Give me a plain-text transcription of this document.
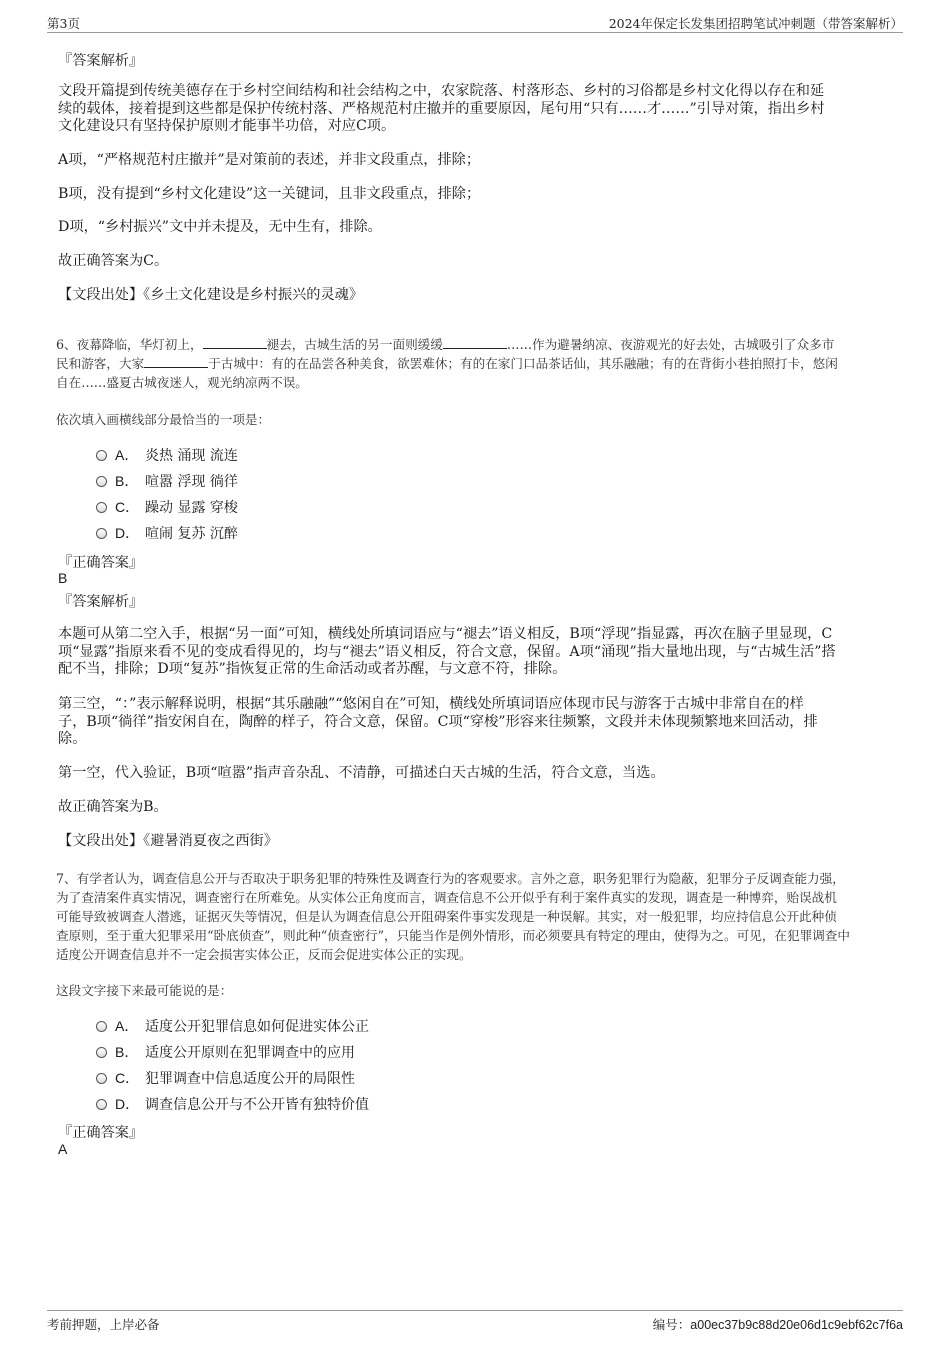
第3页	2024年保定长发集团招聘笔试冲刺题（带答案解析）
『答案解析』
文段开篇提到传统美德存在于乡村空间结构和社会结构之中，农家院落、村落形态、乡村的习俗都是乡村文化得以存在和延
续的载体，接着提到这些都是保护传统村落、严格规范村庄撤并的重要原因，尾句用“只有……才……”引导对策，指出乡村
文化建设只有坚持保护原则才能事半功倍，对应C项。
A项，“严格规范村庄撤并”是对策前的表述，并非文段重点，排除；
B项，没有提到“乡村文化建设”这一关键词，且非文段重点，排除；
D项，“乡村振兴”文中并未提及，无中生有，排除。
故正确答案为C。
【文段出处】《乡土文化建设是乡村振兴的灵魂》
6、夜幕降临，华灯初上，	褪去，古城生活的另一面则缓缓	……作为避暑纳凉、夜游观光的好去处，古城吸引了众多市
民和游客，大家	于古城中：有的在品尝各种美食，欲罢难休；有的在家门口品茶话仙，其乐融融；有的在背街小巷拍照打卡，悠闲
自在……盛夏古城夜迷人，观光纳凉两不误。
依次填入画横线部分最恰当的一项是：
A． 炎热 涌现 流连
B． 喧嚣 浮现 徜徉
C． 躁动 显露 穿梭
D． 喧闹 复苏 沉醉
『正确答案』
B
『答案解析』
本题可从第二空入手，根据“另一面”可知，横线处所填词语应与“褪去”语义相反，B项“浮现”指显露，再次在脑子里显现，C
项“显露”指原来看不见的变成看得见的，均与“褪去”语义相反，符合文意，保留。A项“涌现”指大量地出现，与“古城生活”搭
配不当，排除；D项“复苏”指恢复正常的生命活动或者苏醒，与文意不符，排除。
第三空，“：”表示解释说明，根据“其乐融融”“悠闲自在”可知，横线处所填词语应体现市民与游客于古城中非常自在的样
子，B项“徜徉”指安闲自在，陶醉的样子，符合文意，保留。C项“穿梭”形容来往频繁，文段并未体现频繁地来回活动，排
除。
第一空，代入验证，B项“喧嚣”指声音杂乱、不清静，可描述白天古城的生活，符合文意，当选。
故正确答案为B。
【文段出处】《避暑消夏夜之西街》
7、有学者认为，调查信息公开与否取决于职务犯罪的特殊性及调查行为的客观要求。言外之意，职务犯罪行为隐蔽，犯罪分子反调查能力强，
为了查清案件真实情况，调查密行在所难免。从实体公正角度而言，调查信息不公开似乎有利于案件真实的发现，调查是一种博弈，贻误战机
可能导致被调查人潜逃，证据灭失等情况，但是认为调查信息公开阻碍案件事实发现是一种误解。其实，对一般犯罪，均应持信息公开此种侦
查原则，至于重大犯罪采用“卧底侦查”，则此种“侦查密行”，只能当作是例外情形，而必须要具有特定的理由，使得为之。可见，在犯罪调查中
适度公开调查信息并不一定会损害实体公正，反而会促进实体公正的实现。
这段文字接下来最可能说的是：
A． 适度公开犯罪信息如何促进实体公正
B． 适度公开原则在犯罪调查中的应用
C． 犯罪调查中信息适度公开的局限性
D． 调查信息公开与不公开皆有独特价值
『正确答案』
A
考前押题，上岸必备	编号：a00ec37b9c88d20e06d1c9ebf62c7f6a
